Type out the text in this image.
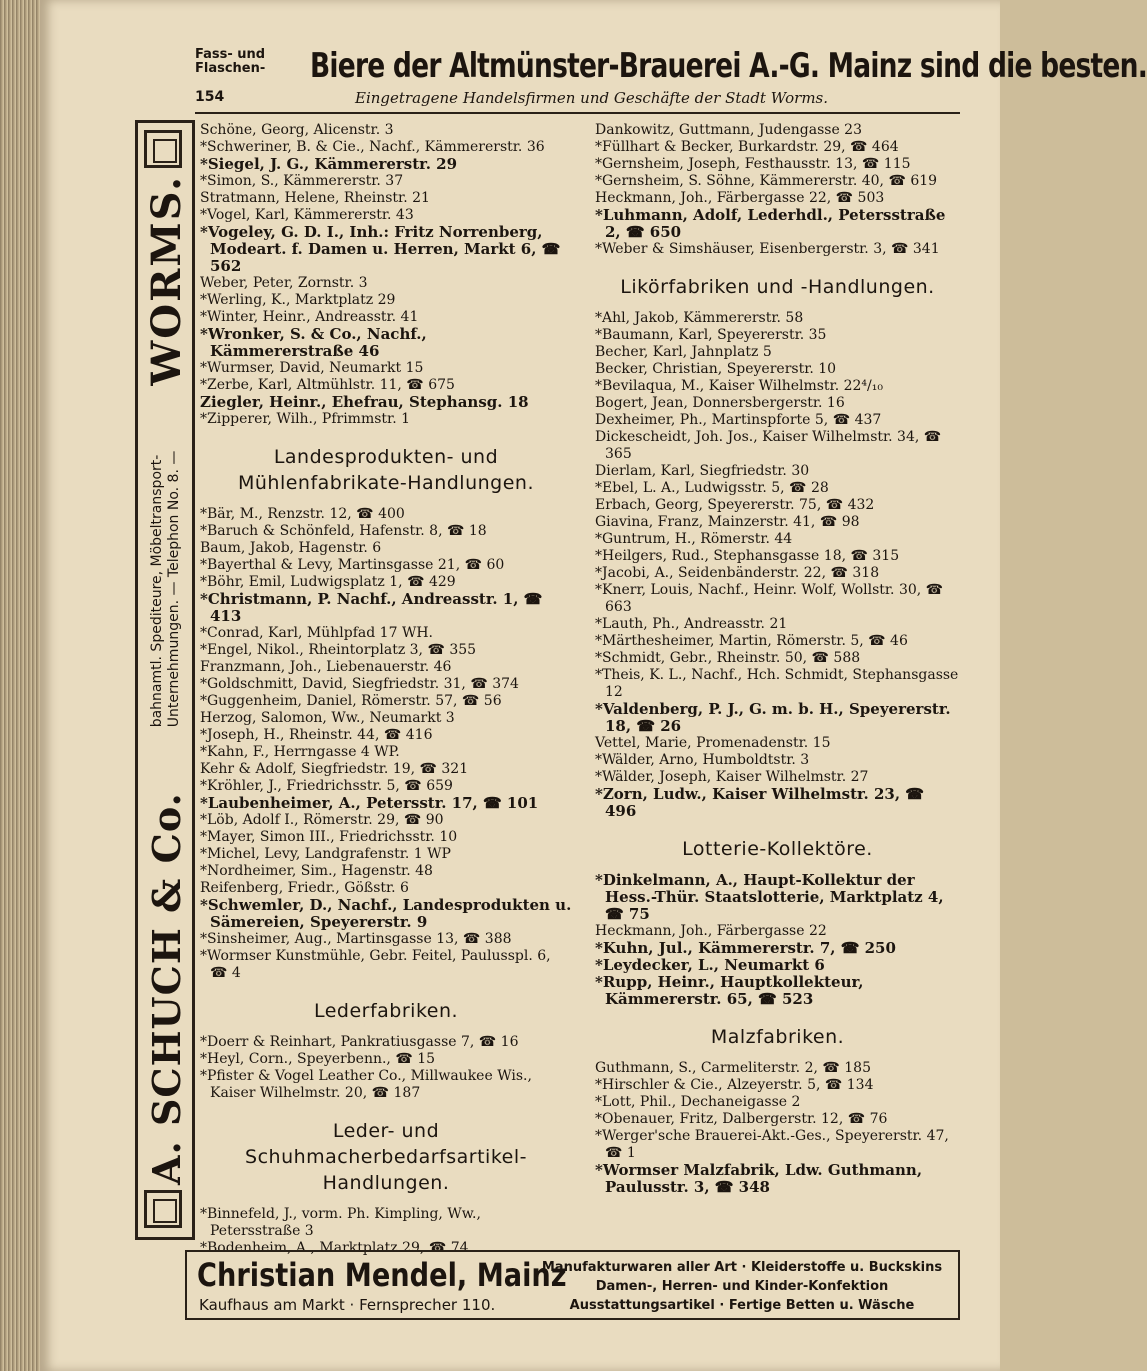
Fass- und
Flaschen-
154
Biere der Altmünster-Brauerei A.-G. Mainz sind die besten.
Eingetragene Handelsfirmen und Geschäfte der Stadt Worms.
A. SCHUCH & Co.
bahnamtl. Spediteure, Möbeltransport-
Unternehmungen. — Telephon No. 8. —
WORMS.

Schöne, Georg, Alicenstr. 3

*Schweriner, B. & Cie., Nachf., Kämmererstr. 36

*Siegel, J. G., Kämmererstr. 29

*Simon, S., Kämmererstr. 37

Stratmann, Helene, Rheinstr. 21

*Vogel, Karl, Kämmererstr. 43

*Vogeley, G. D. I., Inh.: Fritz Norrenberg, Modeart. f. Damen u. Herren, Markt 6, ☎ 562

Weber, Peter, Zornstr. 3

*Werling, K., Marktplatz 29

*Winter, Heinr., Andreasstr. 41

*Wronker, S. & Co., Nachf., Kämmererstraße 46

*Wurmser, David, Neumarkt 15

*Zerbe, Karl, Altmühlstr. 11, ☎ 675

Ziegler, Heinr., Ehefrau, Stephansg. 18

*Zipperer, Wilh., Pfrimmstr. 1

Landesprodukten- und Mühlenfabrikate-Handlungen.

*Bär, M., Renzstr. 12, ☎ 400

*Baruch & Schönfeld, Hafenstr. 8, ☎ 18

Baum, Jakob, Hagenstr. 6

*Bayerthal & Levy, Martinsgasse 21, ☎ 60

*Böhr, Emil, Ludwigsplatz 1, ☎ 429

*Christmann, P. Nachf., Andreasstr. 1, ☎ 413

*Conrad, Karl, Mühlpfad 17 WH.

*Engel, Nikol., Rheintorplatz 3, ☎ 355

Franzmann, Joh., Liebenauerstr. 46

*Goldschmitt, David, Siegfriedstr. 31, ☎ 374

*Guggenheim, Daniel, Römerstr. 57, ☎ 56

Herzog, Salomon, Ww., Neumarkt 3

*Joseph, H., Rheinstr. 44, ☎ 416

*Kahn, F., Herrngasse 4 WP.

Kehr & Adolf, Siegfriedstr. 19, ☎ 321

*Kröhler, J., Friedrichsstr. 5, ☎ 659

*Laubenheimer, A., Petersstr. 17, ☎ 101

*Löb, Adolf I., Römerstr. 29, ☎ 90

*Mayer, Simon III., Friedrichsstr. 10

*Michel, Levy, Landgrafenstr. 1 WP

*Nordheimer, Sim., Hagenstr. 48

Reifenberg, Friedr., Gößstr. 6

*Schwemler, D., Nachf., Landesprodukten u. Sämereien, Speyererstr. 9

*Sinsheimer, Aug., Martinsgasse 13, ☎ 388

*Wormser Kunstmühle, Gebr. Feitel, Paulusspl. 6, ☎ 4

Lederfabriken.

*Doerr & Reinhart, Pankratiusgasse 7, ☎ 16

*Heyl, Corn., Speyerbenn., ☎ 15

*Pfister & Vogel Leather Co., Millwaukee Wis., Kaiser Wilhelmstr. 20, ☎ 187

Leder- und Schuhmacherbedarfsartikel-Handlungen.

*Binnefeld, J., vorm. Ph. Kimpling, Ww., Petersstraße 3

*Bodenheim, A., Marktplatz 29, ☎ 74

Dankowitz, Guttmann, Judengasse 23

*Füllhart & Becker, Burkardstr. 29, ☎ 464

*Gernsheim, Joseph, Festhausstr. 13, ☎ 115

*Gernsheim, S. Söhne, Kämmererstr. 40, ☎ 619

Heckmann, Joh., Färbergasse 22, ☎ 503

*Luhmann, Adolf, Lederhdl., Petersstraße 2, ☎ 650

*Weber & Simshäuser, Eisenbergerstr. 3, ☎ 341

Likörfabriken und -Handlungen.

*Ahl, Jakob, Kämmererstr. 58

*Baumann, Karl, Speyererstr. 35

Becher, Karl, Jahnplatz 5

Becker, Christian, Speyererstr. 10

*Bevilaqua, M., Kaiser Wilhelmstr. 22⁴/₁₀

Bogert, Jean, Donnersbergerstr. 16

Dexheimer, Ph., Martinspforte 5, ☎ 437

Dickescheidt, Joh. Jos., Kaiser Wilhelmstr. 34, ☎ 365

Dierlam, Karl, Siegfriedstr. 30

*Ebel, L. A., Ludwigsstr. 5, ☎ 28

Erbach, Georg, Speyererstr. 75, ☎ 432

Giavina, Franz, Mainzerstr. 41, ☎ 98

*Guntrum, H., Römerstr. 44

*Heilgers, Rud., Stephansgasse 18, ☎ 315

*Jacobi, A., Seidenbänderstr. 22, ☎ 318

*Knerr, Louis, Nachf., Heinr. Wolf, Wollstr. 30, ☎ 663

*Lauth, Ph., Andreasstr. 21

*Märthesheimer, Martin, Römerstr. 5, ☎ 46

*Schmidt, Gebr., Rheinstr. 50, ☎ 588

*Theis, K. L., Nachf., Hch. Schmidt, Stephansgasse 12

*Valdenberg, P. J., G. m. b. H., Speyererstr. 18, ☎ 26

Vettel, Marie, Promenadenstr. 15

*Wälder, Arno, Humboldtstr. 3

*Wälder, Joseph, Kaiser Wilhelmstr. 27

*Zorn, Ludw., Kaiser Wilhelmstr. 23, ☎ 496

Lotterie-Kollektöre.

*Dinkelmann, A., Haupt-Kollektur der Hess.-Thür. Staatslotterie, Marktplatz 4, ☎ 75

Heckmann, Joh., Färbergasse 22

*Kuhn, Jul., Kämmererstr. 7, ☎ 250

*Leydecker, L., Neumarkt 6

*Rupp, Heinr., Hauptkollekteur, Kämmererstr. 65, ☎ 523

Malzfabriken.

Guthmann, S., Carmeliterstr. 2, ☎ 185

*Hirschler & Cie., Alzeyerstr. 5, ☎ 134

*Lott, Phil., Dechaneigasse 2

*Obenauer, Fritz, Dalbergerstr. 12, ☎ 76

*Werger'sche Brauerei-Akt.-Ges., Speyererstr. 47, ☎ 1

*Wormser Malzfabrik, Ldw. Guthmann, Paulusstr. 3, ☎ 348

Christian Mendel, Mainz
Kaufhaus am Markt · Fernsprecher 110.
Manufakturwaren aller Art · Kleiderstoffe u. Buckskins
Damen-, Herren- und Kinder-Konfektion
Ausstattungsartikel · Fertige Betten u. Wäsche
